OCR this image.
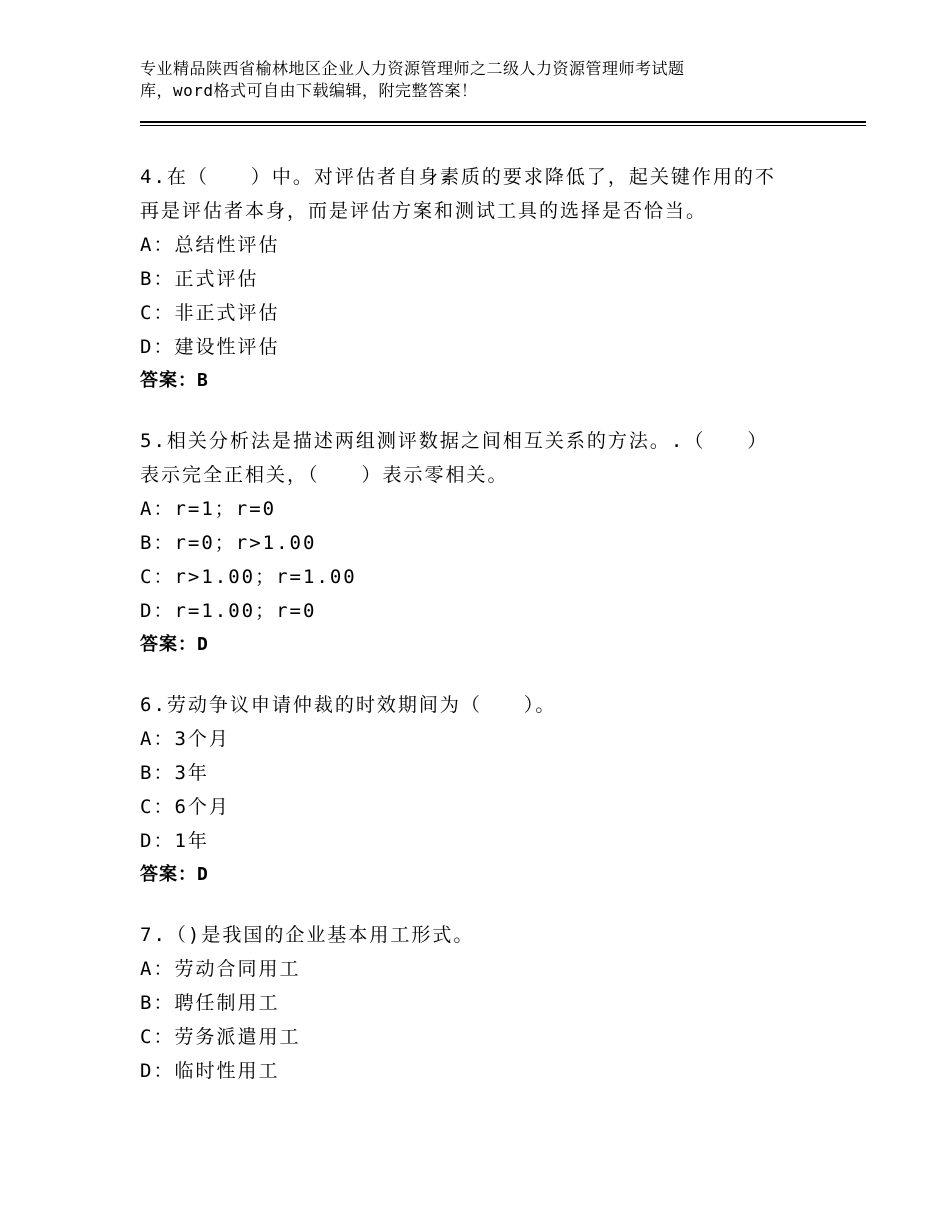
专业精品陕西省榆林地区企业人力资源管理师之二级人力资源管理师考试题
库，word格式可自由下载编辑，附完整答案！
4.在（　　）中。对评估者自身素质的要求降低了，起关键作用的不
再是评估者本身，而是评估方案和测试工具的选择是否恰当。
A：总结性评估
B：正式评估
C：非正式评估
D：建设性评估
答案：B
5.相关分析法是描述两组测评数据之间相互关系的方法。.（　　）
表示完全正相关，（　　）表示零相关。
A：r=1；r=0
B：r=0；r>1.00
C：r>1.00；r=1.00
D：r=1.00；r=0
答案：D
6.劳动争议申请仲裁的时效期间为（　　）。
A：3个月
B：3年
C：6个月
D：1年
答案：D
7.（)是我国的企业基本用工形式。
A：劳动合同用工
B：聘任制用工
C：劳务派遣用工
D：临时性用工
